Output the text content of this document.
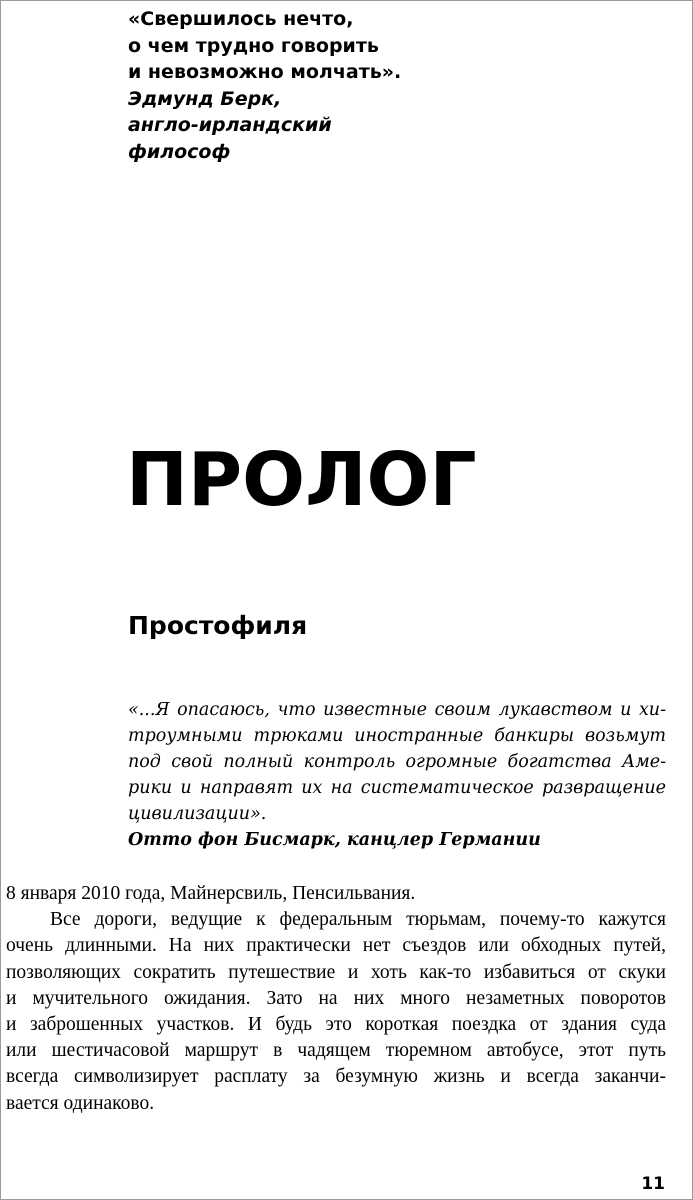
«Свершилось нечто,
о чем трудно говорить
и невозможно молчать».
Эдмунд Берк,
англо-ирландский
философ
ПРОЛОГ
Простофиля
«...Я опасаюсь, что известные своим лукавством и хи-
троумными трюками иностранные банкиры возьмут
под свой полный контроль огромные богатства Аме-
рики и направят их на систематическое развращение
цивилизации».
Отто фон Бисмарк, канцлер Германии
8 января 2010 года, Майнерсвиль, Пенсильвания.
Все дороги, ведущие к федеральным тюрьмам, почему-то кажутся
очень длинными. На них практически нет съездов или обходных путей,
позволяющих сократить путешествие и хоть как-то избавиться от скуки
и мучительного ожидания. Зато на них много незаметных поворотов
и заброшенных участков. И будь это короткая поездка от здания суда
или шестичасовой маршрут в чадящем тюремном автобусе, этот путь
всегда символизирует расплату за безумную жизнь и всегда заканчи-
вается одинаково.
11
